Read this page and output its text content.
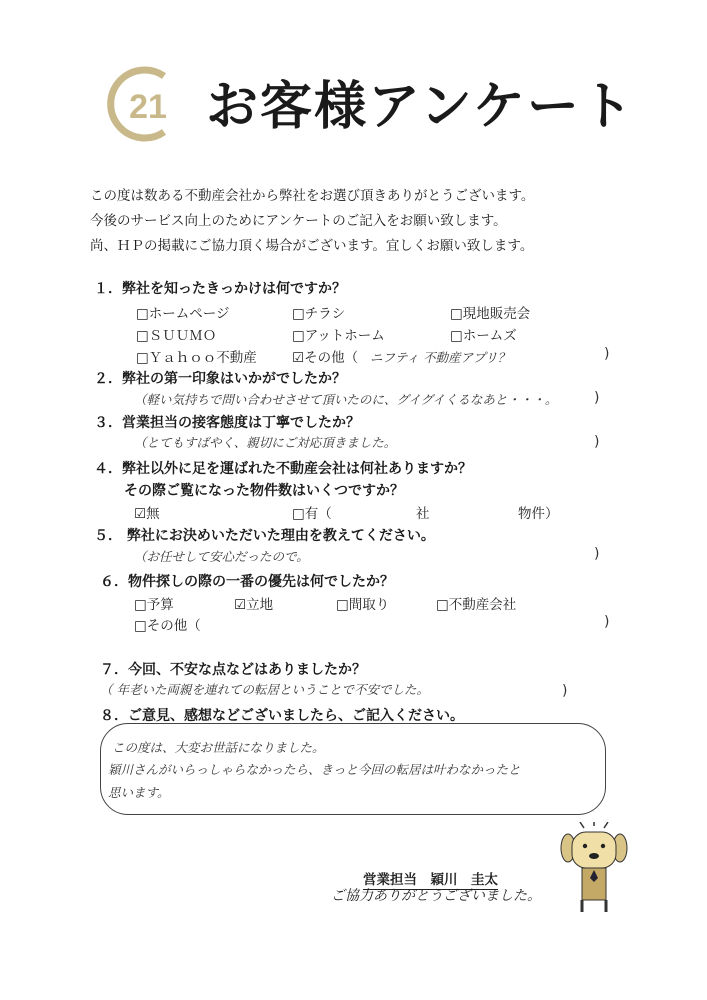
21 お客様アンケート
この度は数ある不動産会社から弊社をお選び頂きありがとうございます。
今後のサービス向上のためにアンケートのご記入をお願い致します。
尚、ＨＰの掲載にご協力頂く場合がございます。宜しくお願い致します。
１．弊社を知ったきっかけは何ですか？
□ホームページ	□チラシ	□現地販売会
□ＳＵＵＭＯ	□アットホーム	□ホームズ
□Ｙａｈｏｏ不動産	☑その他（ ニフティ 不動産アプリ？	)
２．弊社の第一印象はいかがでしたか？
（軽い気持ちで問い合わせさせて頂いたのに、グイグイくるなあと・・・。	)
３．営業担当の接客態度は丁寧でしたか？
（とてもすばやく、親切にご対応頂きました。	)
４．弊社以外に足を運ばれた不動産会社は何社ありますか？
その際ご覧になった物件数はいくつですか？
☑無	□有（	社	物件）
５． 弊社にお決めいただいた理由を教えてください。
（お任せして安心だったので。	)
６．物件探しの際の一番の優先は何でしたか？
□予算	☑立地	□間取り	□不動産会社
□その他（	)
７．今回、不安な点などはありましたか？
（ 年老いた両親を連れての転居ということで不安でした。	)
８．ご意見、感想などございましたら、ご記入ください。
この度は、大変お世話になりました。
穎川さんがいらっしゃらなかったら、きっと今回の転居は叶わなかったと
思います。
営業担当　穎川　圭太
ご協力ありがとうございました。
